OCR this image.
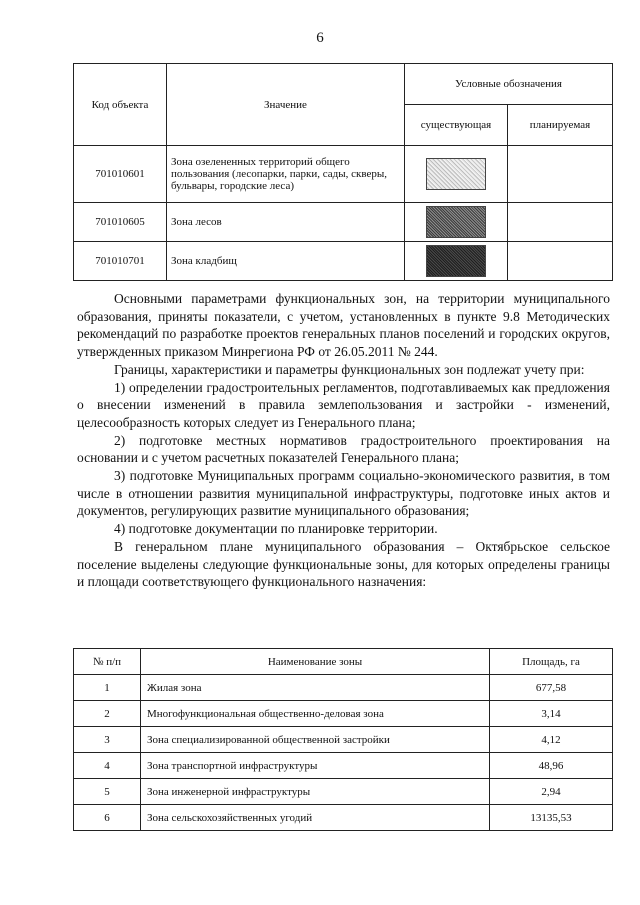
6
Код объекта	Значение	Условные обозначения	
		существующая	планируемая
701010601	Зона озелененных территорий общего пользования (лесопарки, парки, сады, скверы, бульвары, городские леса)		
701010605	Зона лесов		
701010701	Зона кладбищ		

Основными параметрами функциональных зон, на территории муниципального образования, приняты показатели, с учетом, установленных в пункте 9.8 Методических рекомендаций по разработке проектов генеральных планов поселений и городских округов, утвержденных приказом Минрегиона РФ от 26.05.2011 № 244.

Границы, характеристики и параметры функциональных зон подлежат учету при:

1) определении градостроительных регламентов, подготавливаемых как предложения о внесении изменений в правила землепользования и застройки - изменений, целесообразность которых следует из Генерального плана;

2) подготовке местных нормативов градостроительного проектирования на основании и с учетом расчетных показателей Генерального плана;

3) подготовке Муниципальных программ социально-экономического развития, в том числе в отношении развития муниципальной инфраструктуры, подготовке иных актов и документов, регулирующих развитие муниципального образования;

4) подготовке документации по планировке территории.

В генеральном плане муниципального образования – Октябрьское сельское поселение выделены следующие функциональные зоны, для которых определены границы и площади соответствующего функционального назначения:

№ п/п	Наименование зоны	Площадь, га
1	Жилая зона	677,58
2	Многофункциональная общественно-деловая зона	3,14
3	Зона специализированной общественной застройки	4,12
4	Зона транспортной инфраструктуры	48,96
5	Зона инженерной инфраструктуры	2,94
6	Зона сельскохозяйственных угодий	13135,53
